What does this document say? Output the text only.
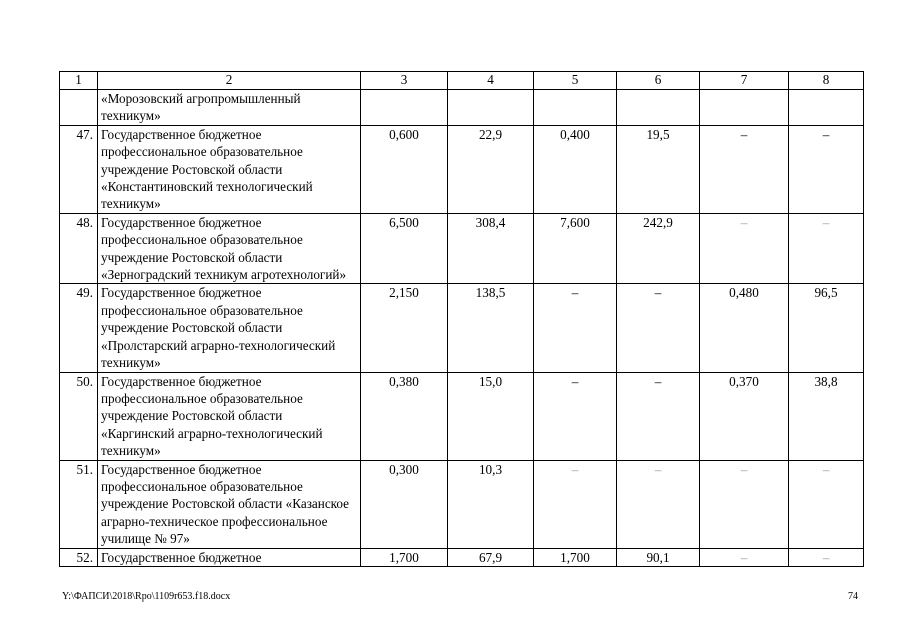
1	2	3	4	5	6	7	8
	«Морозовский агропромышленный техникум»						
47.	Государственное бюджетное профессиональное образовательное учреждение Ростовской области «Константиновский технологический техникум»	0,600	22,9	0,400	19,5	–	–
48.	Государственное бюджетное профессиональное образовательное учреждение Ростовской области «Зерноградский техникум агротехнологий»	6,500	308,4	7,600	242,9	–	–
49.	Государственное бюджетное профессиональное образовательное учреждение Ростовской области «Пролстарский аграрно-технологический техникум»	2,150	138,5	–	–	0,480	96,5
50.	Государственное бюджетное профессиональное образовательное учреждение Ростовской области «Каргинский аграрно-технологический техникум»	0,380	15,0	–	–	0,370	38,8
51.	Государственное бюджетное профессиональное образовательное учреждение Ростовской области «Казанское аграрно-техническое профессиональное училище № 97»	0,300	10,3	–	–	–	–
52.	Государственное бюджетное	1,700	67,9	1,700	90,1	–	–
Y:\ФАПСИ\2018\Rpo\1109r653.f18.docx	74
